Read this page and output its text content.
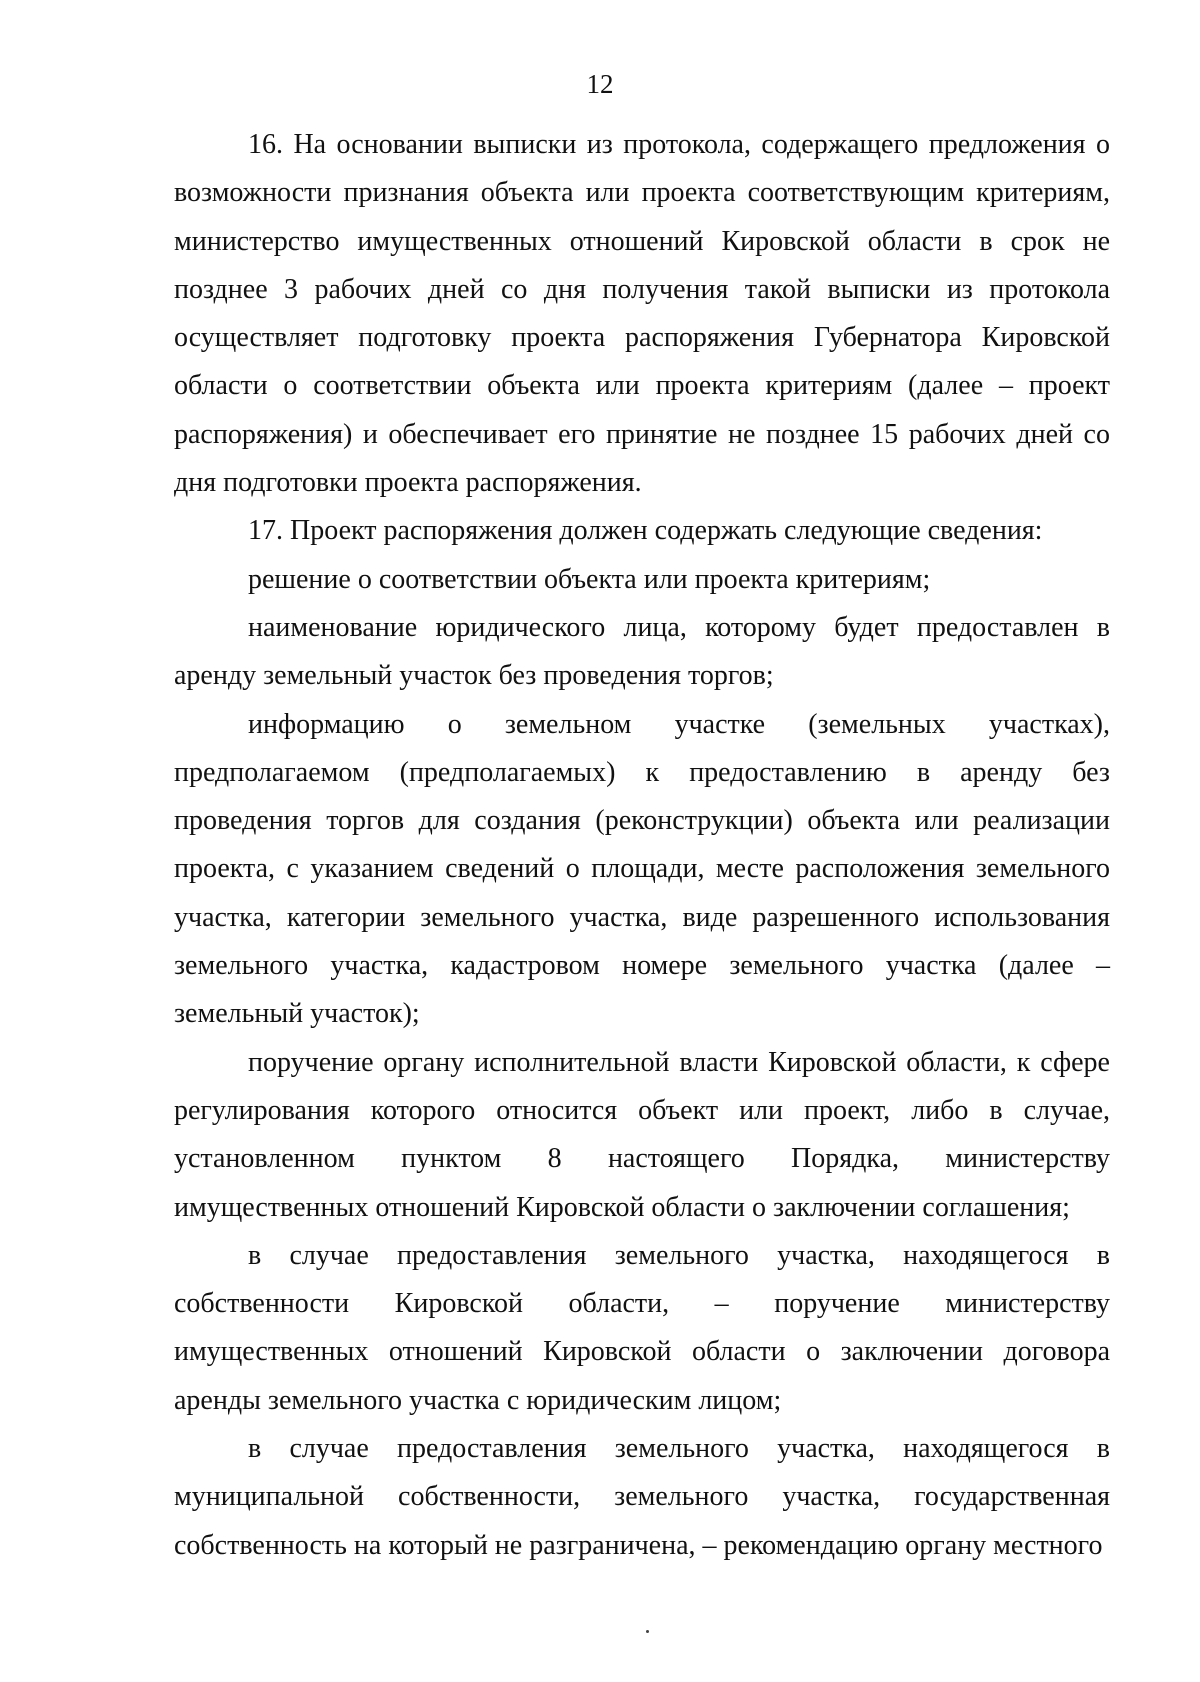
12

16. На основании выписки из протокола, содержащего предложения о возможности признания объекта или проекта соответствующим критериям, министерство имущественных отношений Кировской области в срок не позднее 3 рабочих дней со дня получения такой выписки из протокола осуществляет подготовку проекта распоряжения Губернатора Кировской области о соответствии объекта или проекта критериям (далее – проект распоряжения) и обеспечивает его принятие не позднее 15 рабочих дней со дня подготовки проекта распоряжения.

17. Проект распоряжения должен содержать следующие сведения:

решение о соответствии объекта или проекта критериям;

наименование юридического лица, которому будет предоставлен в аренду земельный участок без проведения торгов;

информацию о земельном участке (земельных участках), предполагаемом (предполагаемых) к предоставлению в аренду без проведения торгов для создания (реконструкции) объекта или реализации проекта, с указанием сведений о площади, месте расположения земельного участка, категории земельного участка, виде разрешенного использования земельного участка, кадастровом номере земельного участка (далее – земельный участок);

поручение органу исполнительной власти Кировской области, к сфере регулирования которого относится объект или проект, либо в случае, установленном пунктом 8 настоящего Порядка, министерству имущественных отношений Кировской области о заключении соглашения;

в случае предоставления земельного участка, находящегося в собственности Кировской области, – поручение министерству имущественных отношений Кировской области о заключении договора аренды земельного участка с юридическим лицом;

в случае предоставления земельного участка, находящегося в муниципальной собственности, земельного участка, государственная собственность на который не разграничена, – рекомендацию органу местного
